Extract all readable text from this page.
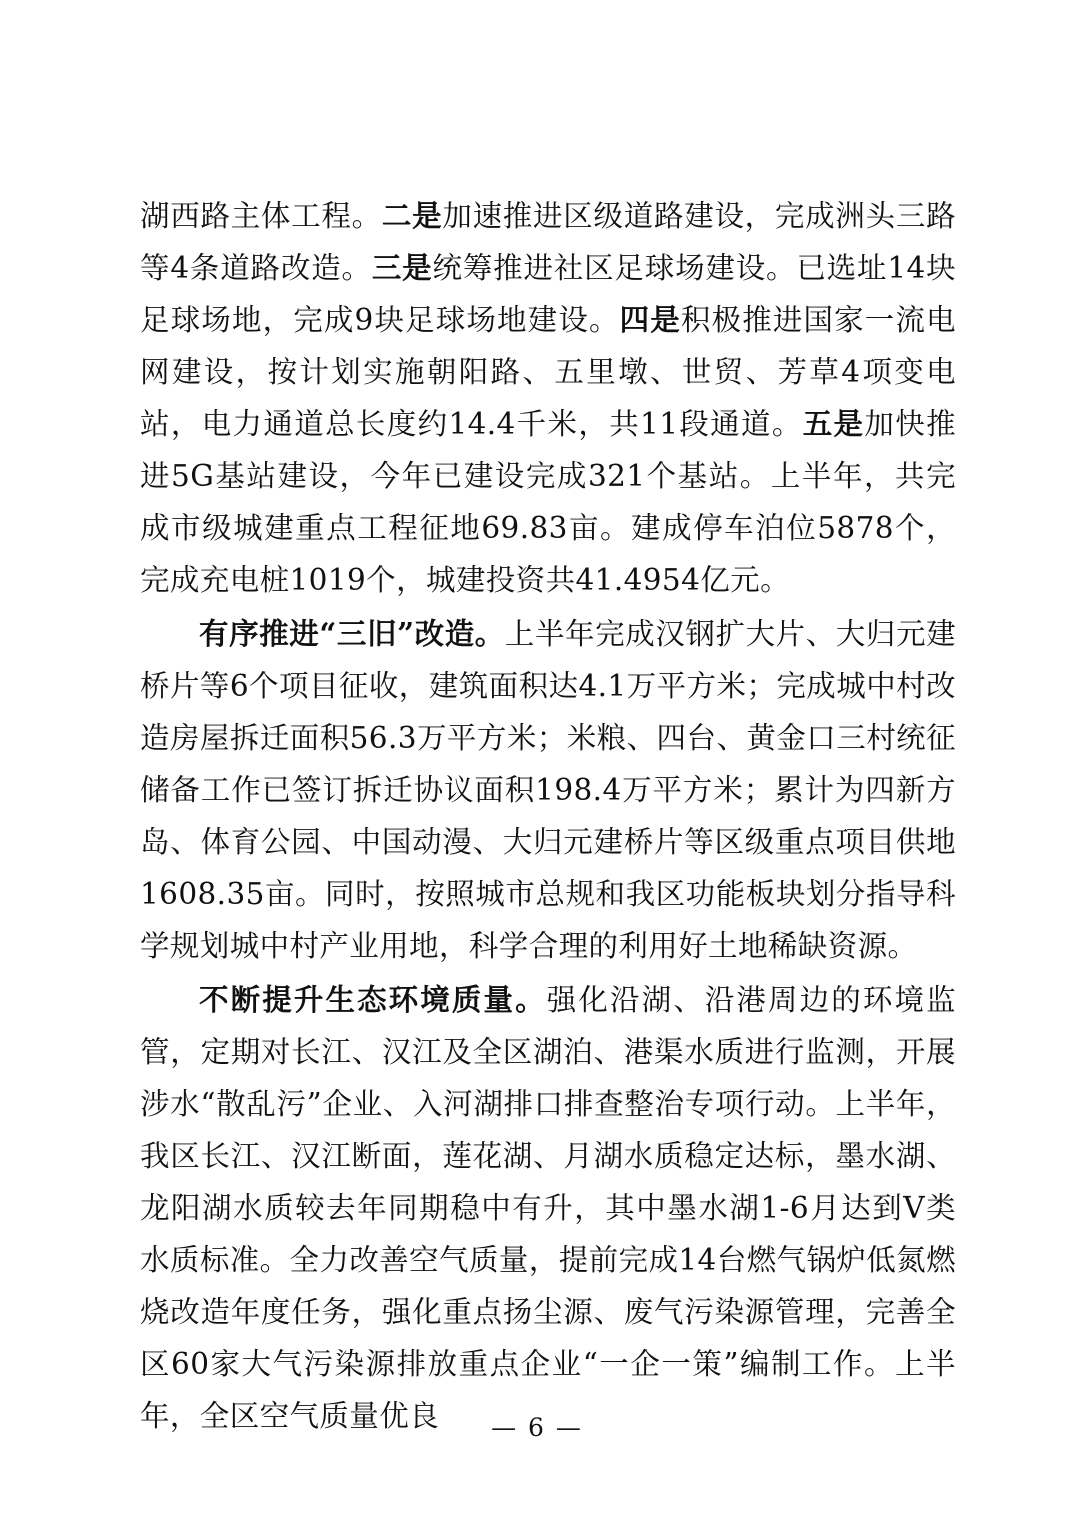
湖西路主体工程。二是加速推进区级道路建设，完成洲头三路等4条道路改造。三是统筹推进社区足球场建设。已选址14块足球场地，完成9块足球场地建设。四是积极推进国家一流电网建设，按计划实施朝阳路、五里墩、世贸、芳草4项变电站，电力通道总长度约14.4千米，共11段通道。五是加快推进5G基站建设，今年已建设完成321个基站。上半年，共完成市级城建重点工程征地69.83亩。建成停车泊位5878个，完成充电桩1019个，城建投资共41.4954亿元。
有序推进“三旧”改造。上半年完成汉钢扩大片、大归元建桥片等6个项目征收，建筑面积达4.1万平方米；完成城中村改造房屋拆迁面积56.3万平方米；米粮、四台、黄金口三村统征储备工作已签订拆迁协议面积198.4万平方米；累计为四新方岛、体育公园、中国动漫、大归元建桥片等区级重点项目供地1608.35亩。同时，按照城市总规和我区功能板块划分指导科学规划城中村产业用地，科学合理的利用好土地稀缺资源。
不断提升生态环境质量。强化沿湖、沿港周边的环境监管，定期对长江、汉江及全区湖泊、港渠水质进行监测，开展涉水“散乱污”企业、入河湖排口排查整治专项行动。上半年，我区长江、汉江断面，莲花湖、月湖水质稳定达标，墨水湖、龙阳湖水质较去年同期稳中有升，其中墨水湖1-6月达到Ⅴ类水质标准。全力改善空气质量，提前完成14台燃气锅炉低氮燃烧改造年度任务，强化重点扬尘源、废气污染源管理，完善全区60家大气污染源排放重点企业“一企一策”编制工作。上半年，全区空气质量优良	— 6 —
